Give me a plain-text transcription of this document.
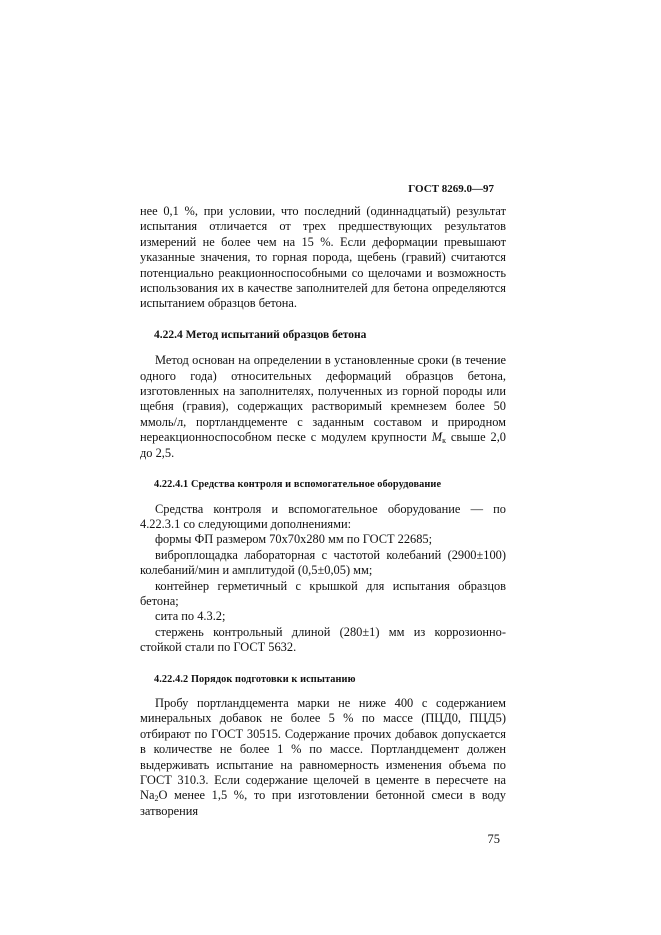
ГОСТ 8269.0—97

нее 0,1 %, при условии, что последний (одиннадцатый) результат испытания отличается от трех предшествующих результатов измерений не более чем на 15 %. Если деформации превышают указанные значения, то горная порода, щебень (гравий) считаются потенциально реакционноспособными со щелочами и возможность использования их в качестве заполнителей для бетона определяются испытанием образцов бетона.

4.22.4 Метод испытаний образцов бетона

Метод основан на определении в установленные сроки (в течение одного года) относительных деформаций образцов бетона, изготовленных на заполнителях, полученных из горной породы или щебня (гравия), содержащих растворимый кремнезем более 50 ммоль/л, портландцементе с заданным составом и природном нереакционноспособном песке с модулем крупности $M_к$ свыше 2,0 до 2,5.

4.22.4.1 Средства контроля и вспомогательное оборудование

Средства контроля и вспомогательное оборудование — по 4.22.3.1 со следующими дополнениями:

формы ФП размером 70х70х280 мм по ГОСТ 22685;

виброплощадка лабораторная с частотой колебаний (2900±100) колебаний/мин и амплитудой (0,5±0,05) мм;

контейнер герметичный с крышкой для испытания образцов бетона;

сита по 4.3.2;

стержень контрольный длиной (280±1) мм из коррозионно-стойкой стали по ГОСТ 5632.

4.22.4.2 Порядок подготовки к испытанию

Пробу портландцемента марки не ниже 400 с содержанием минеральных добавок не более 5 % по массе (ПЦД0, ПЦД5) отбирают по ГОСТ 30515. Содержание прочих добавок допускается в количестве не более 1 % по массе. Портландцемент должен выдерживать испытание на равномерность изменения объема по ГОСТ 310.3. Если содержание щелочей в цементе в пересчете на $Na_2O$ менее 1,5 %, то при изготовлении бетонной смеси в воду затворения

75
